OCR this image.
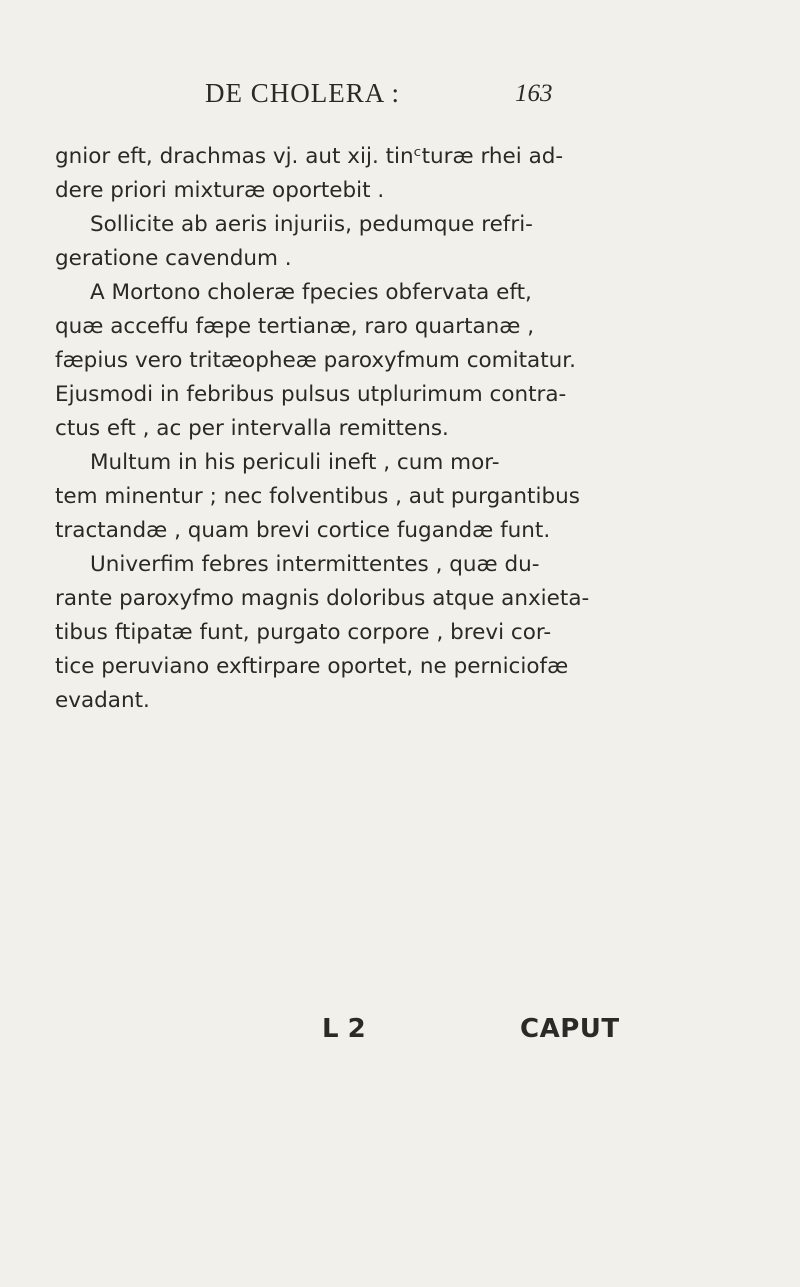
DE CHOLERA :	163
gnior eft, drachmas vj. aut xij. tinᶜturæ rhei ad-
dere priori mixturæ oportebit .
Sollicite ab aeris injuriis, pedumque refri-
geratione cavendum .
A Mortono choleræ fpecies obfervata eft,
quæ acceffu fæpe tertianæ, raro quartanæ ,
fæpius vero tritæopheæ paroxyfmum comitatur.
Ejusmodi in febribus pulsus utplurimum contra-
ctus eft , ac per intervalla remittens.
Multum in his periculi ineft , cum mor-
tem minentur ; nec folventibus , aut purgantibus
tractandæ , quam brevi cortice fugandæ funt.
Univerfim febres intermittentes , quæ du-
rante paroxyfmo magnis doloribus atque anxieta-
tibus ftipatæ funt, purgato corpore , brevi cor-
tice peruviano exftirpare oportet, ne perniciofæ
evadant.
L 2	CAPUT
